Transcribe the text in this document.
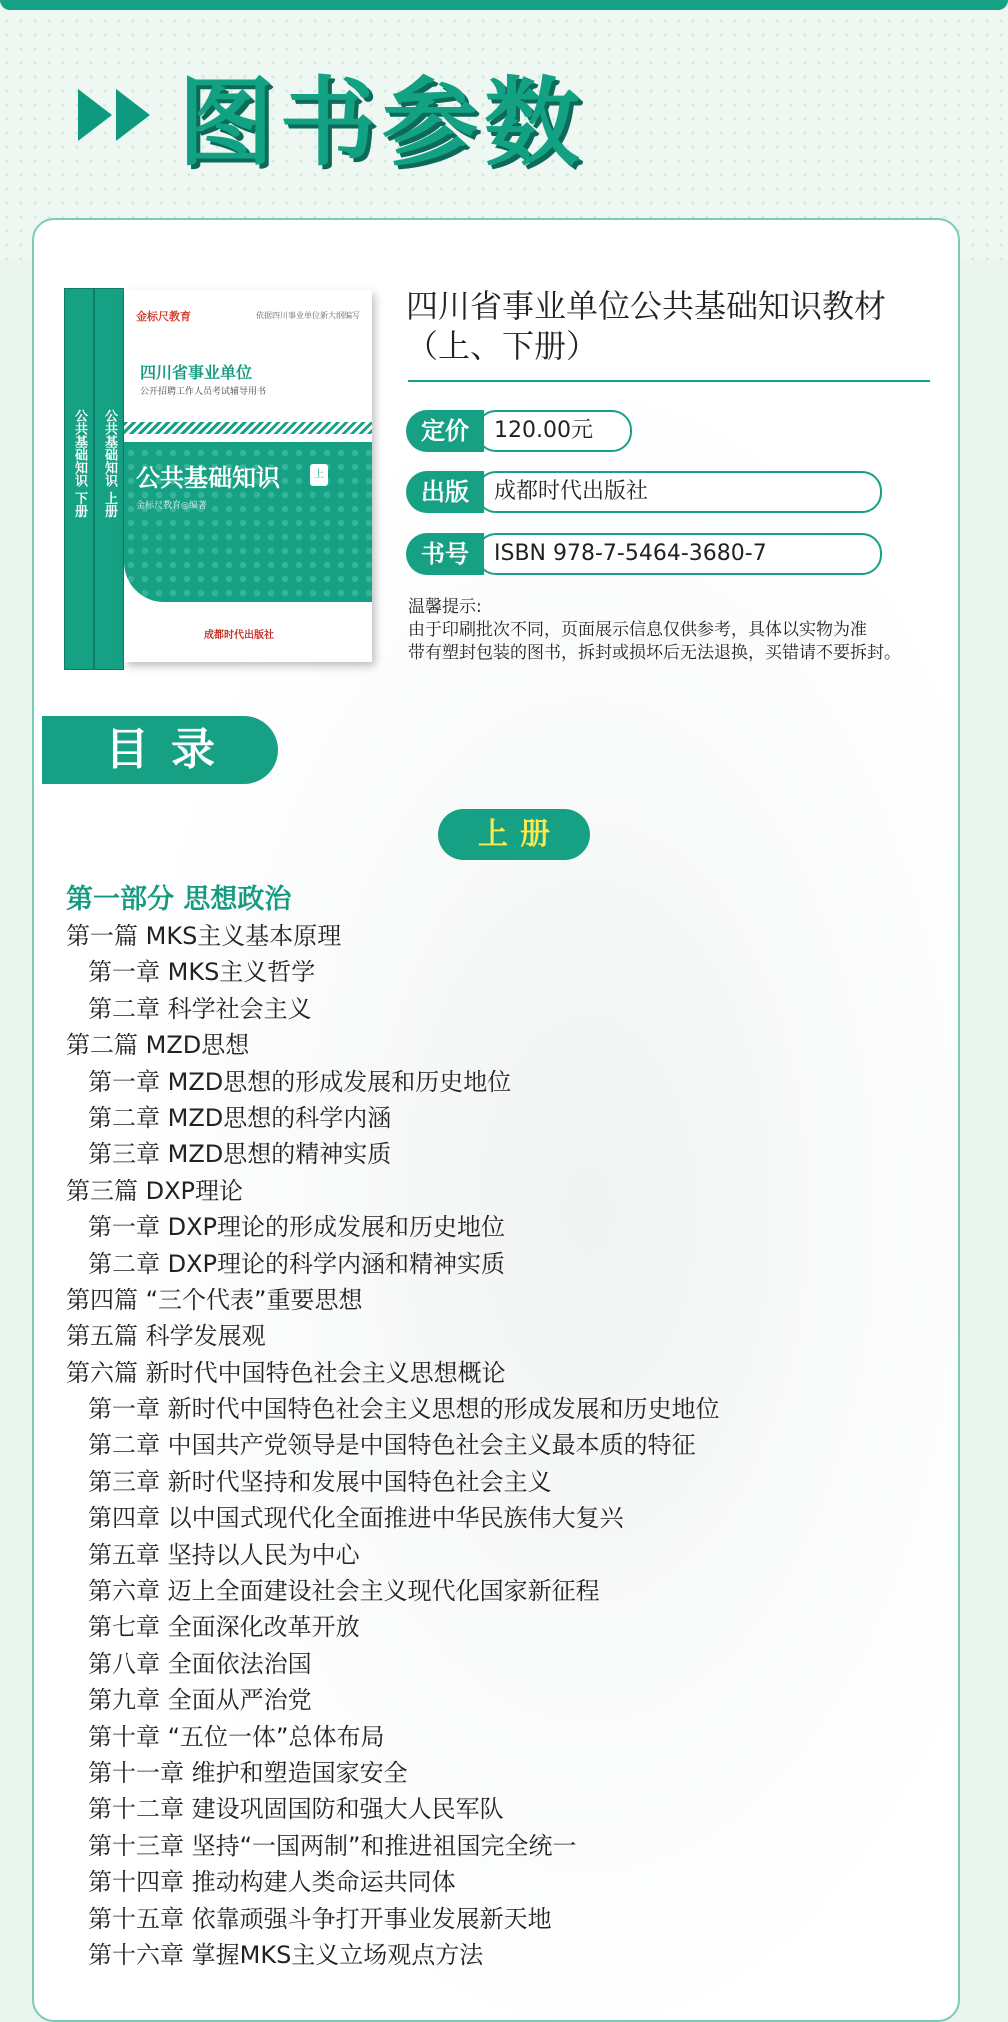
图书参数
公共基础知识 下册 公共基础知识 上册
金标尺教育	依据四川事业单位新大纲编写
四川省事业单位
公开招聘工作人员考试辅导用书
公共基础知识	上册
金标尺教育◎编著
成都时代出版社
四川省事业单位公共基础知识教材（上、下册）
120.00元
定价
成都时代出版社
出版
ISBN 978-7-5464-3680-7
书号
温馨提示:
由于印刷批次不同，页面展示信息仅供参考，具体以实物为准
带有塑封包装的图书，拆封或损坏后无法退换，买错请不要拆封。
目录
上册
第一部分 思想政治
第一篇 MKS主义基本原理
第一章 MKS主义哲学
第二章 科学社会主义
第二篇 MZD思想
第一章 MZD思想的形成发展和历史地位
第二章 MZD思想的科学内涵
第三章 MZD思想的精神实质
第三篇 DXP理论
第一章 DXP理论的形成发展和历史地位
第二章 DXP理论的科学内涵和精神实质
第四篇 “三个代表”重要思想
第五篇 科学发展观
第六篇 新时代中国特色社会主义思想概论
第一章 新时代中国特色社会主义思想的形成发展和历史地位
第二章 中国共产党领导是中国特色社会主义最本质的特征
第三章 新时代坚持和发展中国特色社会主义
第四章 以中国式现代化全面推进中华民族伟大复兴
第五章 坚持以人民为中心
第六章 迈上全面建设社会主义现代化国家新征程
第七章 全面深化改革开放
第八章 全面依法治国
第九章 全面从严治党
第十章 “五位一体”总体布局
第十一章 维护和塑造国家安全
第十二章 建设巩固国防和强大人民军队
第十三章 坚持“一国两制”和推进祖国完全统一
第十四章 推动构建人类命运共同体
第十五章 依靠顽强斗争打开事业发展新天地
第十六章 掌握MKS主义立场观点方法
